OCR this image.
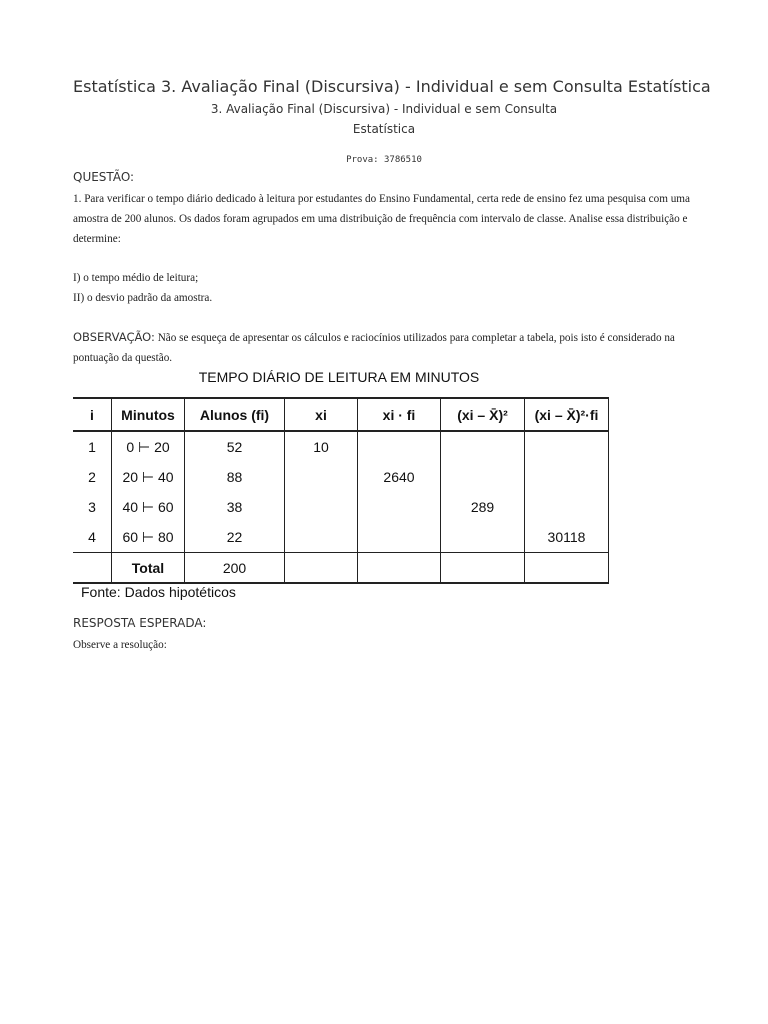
Estatística 3. Avaliação Final (Discursiva) - Individual e sem Consulta Estatística
3. Avaliação Final (Discursiva) - Individual e sem Consulta
Estatística
Prova: 3786510
QUESTÃO:
1. Para verificar o tempo diário dedicado à leitura por estudantes do Ensino Fundamental, certa rede de ensino fez uma pesquisa com uma amostra de 200 alunos. Os dados foram agrupados em uma distribuição de frequência com intervalo de classe. Analise essa distribuição e determine:
I) o tempo médio de leitura;
II) o desvio padrão da amostra.
OBSERVAÇÃO: Não se esqueça de apresentar os cálculos e raciocínios utilizados para completar a tabela, pois isto é considerado na pontuação da questão.
TEMPO DIÁRIO DE LEITURA EM MINUTOS
i	Minutos	Alunos (fi)	xi	xi · fi	(xi – X̄)²	(xi – X̄)²·fi
1	0 ⊢ 20	52	10			
2	20 ⊢ 40	88		2640		
3	40 ⊢ 60	38			289	
4	60 ⊢ 80	22				30118
	Total	200				
Fonte: Dados hipotéticos
RESPOSTA ESPERADA:
Observe a resolução:
